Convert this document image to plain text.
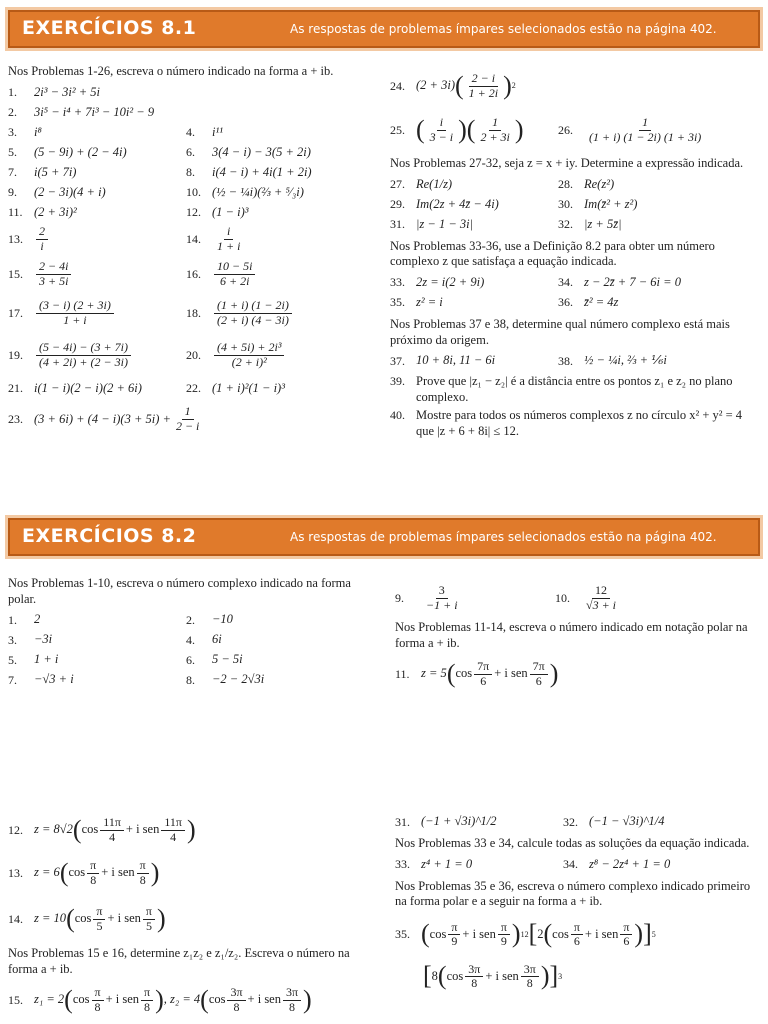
EXERCÍCIOS 8.1	As respostas de problemas ímpares selecionados estão na página 402.
Nos Problemas 1-26, escreva o número indicado na forma a + ib.
1.	2i³ − 3i² + 5i
2.	3i⁵ − i⁴ + 7i³ − 10i² − 9
3.	i⁸	4.	i¹¹
5.	(5 − 9i) + (2 − 4i)	6.	3(4 − i) − 3(5 + 2i)
7.	i(5 + 7i)	8.	i(4 − i) + 4i(1 + 2i)
9.	(2 − 3i)(4 + i)	10. (½ − ¼i)(⅔ + ⁵⁄₃i)
11. (2 + 3i)²	12. (1 − i)³
13.	$\frac{2}{i}$	14.	$\frac{i}{1 + i}$
15.	$\frac{2 - 4i}{3 + 5i}$	16.	$\frac{10 - 5i}{6 + 2i}$
17.	$\frac{(3 - i) (2 + 3i)}{1 + i}$	18.	$\frac{(1 + i) (1 - 2i)}{(2 + i) (4 - 3i)}$
19.	$\frac{(5 - 4i) - (3 + 7i)}{(4 + 2i) + (2 - 3i)}$	20.	$\frac{\text{(4 + 5i) + 2i³}}{\text{(2 + i)²}}$
21. i(1 − i)(2 − i)(2 + 6i)	22. (1 + i)²(1 − i)³
23. $(3 + 6i) + (4 - i)(3 + 5i) + \frac{1}{2 - i}$
24. (2 + 3i) ( $\frac{2 - i}{1 + 2i}$ ) 2
25. ( $\frac{i}{3 - i}$ )( $\frac{1}{2 + 3i}$ )	26.	$\frac{1}{(1 + i) (1 - 2i) (1 + 3i)}$
Nos Problemas 27-32, seja z = x + iy. Determine a expressão indicada.
27. Re(1/z)	28. Re(z²)
29. Im(2z + 4z̄ − 4i)	30. Im(z̄² + z²)
31. |z − 1 − 3i|	32. |z + 5z̄|
Nos Problemas 33-36, use a Definição 8.2 para obter um número complexo z que satisfaça a equação indicada.
33. 2z = i(2 + 9i)	34. z − 2z̄ + 7 − 6i = 0
35. z² = i	36. z̄² = 4z
Nos Problemas 37 e 38, determine qual número complexo está mais próximo da origem.
37. 10 + 8i, 11 − 6i	38. ½ − ¼i, ⅔ + ⅙i
39. Prove que |z₁ − z₂| é a distância entre os pontos z₁ e z₂ no plano complexo.
40. Mostre para todos os números complexos z no círculo x² + y² = 4 que |z + 6 + 8i| ≤ 12.
EXERCÍCIOS 8.2	As respostas de problemas ímpares selecionados estão na página 402.
Nos Problemas 1-10, escreva o número complexo indicado na forma polar.
1.	2	2.	−10
3.	−3i	4.	6i
5.	1 + i	6.	5 − 5i
7.	−√3 + i	8.	−2 − 2√3i
9.	$\frac{3}{-1 + i}$	10.	$\frac{12}{√3 + i}$
Nos Problemas 11-14, escreva o número indicado em notação polar na forma a + ib.
11. z = 5 ( $\cos \frac{7\pi}{6} + i$ sen $\frac{7\pi}{6}$ )
12. z = 8√2 ( $\cos \frac{11\pi}{4} + i$ sen $\frac{11\pi}{4}$ )
13. z = 6 ( $\cos \frac{\pi}{8} + i$ sen $\frac{\pi}{8}$ )
14. z = 10 ( $\cos \frac{\pi}{5} + i$ sen $\frac{\pi}{5}$ )
Nos Problemas 15 e 16, determine z₁z₂ e z₁/z₂. Escreva o número na forma a + ib.
15. z₁ = 2 ( $\cos \frac{\pi}{8} + i$ sen $\frac{\pi}{8}$ ) , z₂ = 4 ( $\cos \frac{3\pi}{8} + i$ sen $\frac{3\pi}{8}$ )
31. (−1 + √3i)^1/2	32. (−1 − √3i)^1/4
Nos Problemas 33 e 34, calcule todas as soluções da equação indicada.
33. z⁴ + 1 = 0	34. z⁸ − 2z⁴ + 1 = 0
Nos Problemas 35 e 36, escreva o número complexo indicado primeiro na forma polar e a seguir na forma a + ib.
35. ( $\cos \frac{\pi}{9} + i$ sen $\frac{\pi}{9}$ ) 12 [ 2 ( $\cos \frac{\pi}{6} + i$ sen $\frac{\pi}{6}$ ) ] 5
[ 8 ( $\cos \frac{3\pi}{8} + i$ sen $\frac{3\pi}{8}$ ) ] 3
